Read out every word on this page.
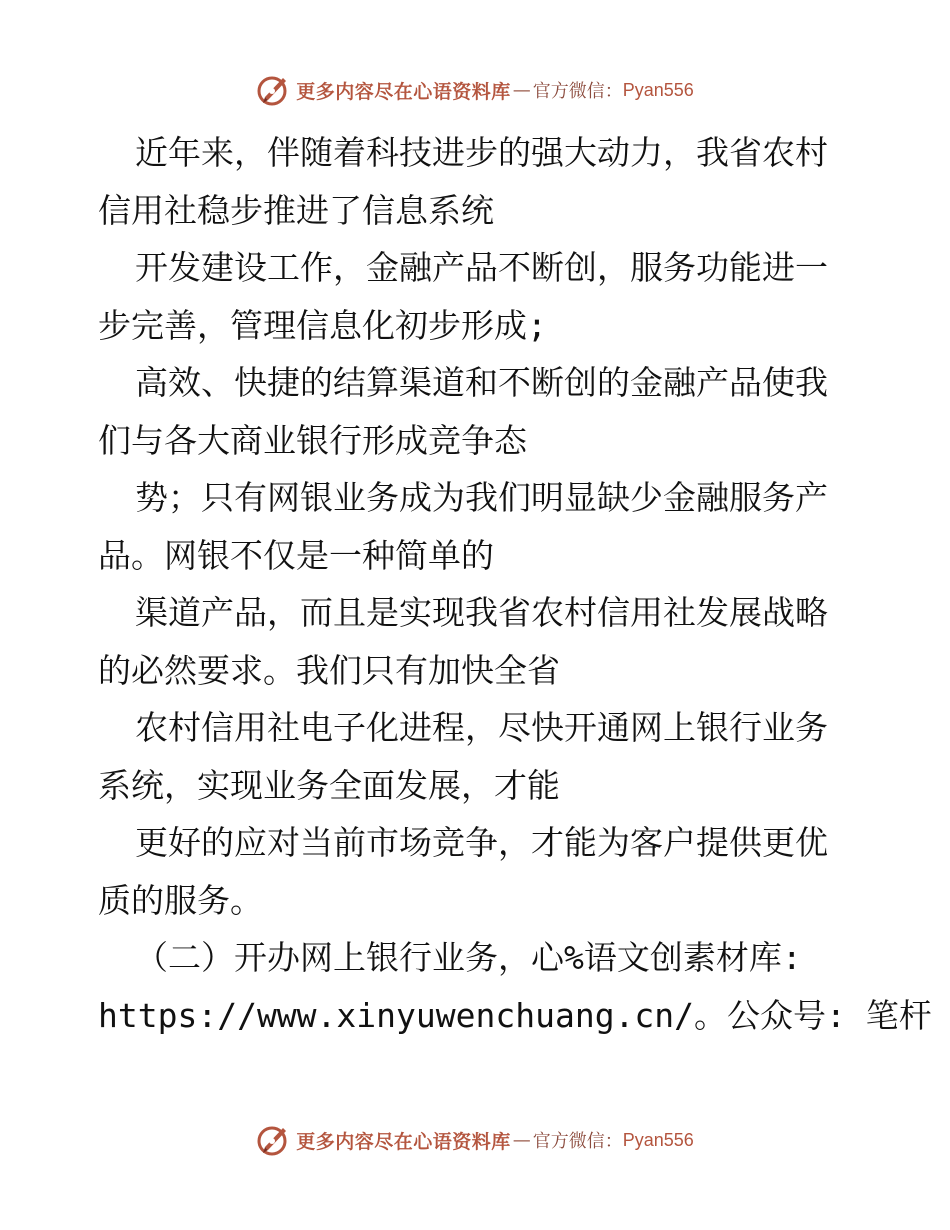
更多内容尽在心语资料库 — 官方微信： Pyan556
近年来，伴随着科技进步的强大动力，我省农村
信用社稳步推进了信息系统
开发建设工作，金融产品不断创，服务功能进一
步完善，管理信息化初步形成;
高效、快捷的结算渠道和不断创的金融产品使我
们与各大商业银行形成竞争态
势；只有网银业务成为我们明显缺少金融服务产
品。网银不仅是一种简单的
渠道产品，而且是实现我省农村信用社发展战略
的必然要求。我们只有加快全省
农村信用社电子化进程，尽快开通网上银行业务
系统，实现业务全面发展，才能
更好的应对当前市场竞争，才能为客户提供更优
质的服务。
（二）开办网上银行业务，心%语文创素材库:
https://www.xinyuwenchuang.cn/。公众号: 笔杆
更多内容尽在心语资料库 — 官方微信： Pyan556
